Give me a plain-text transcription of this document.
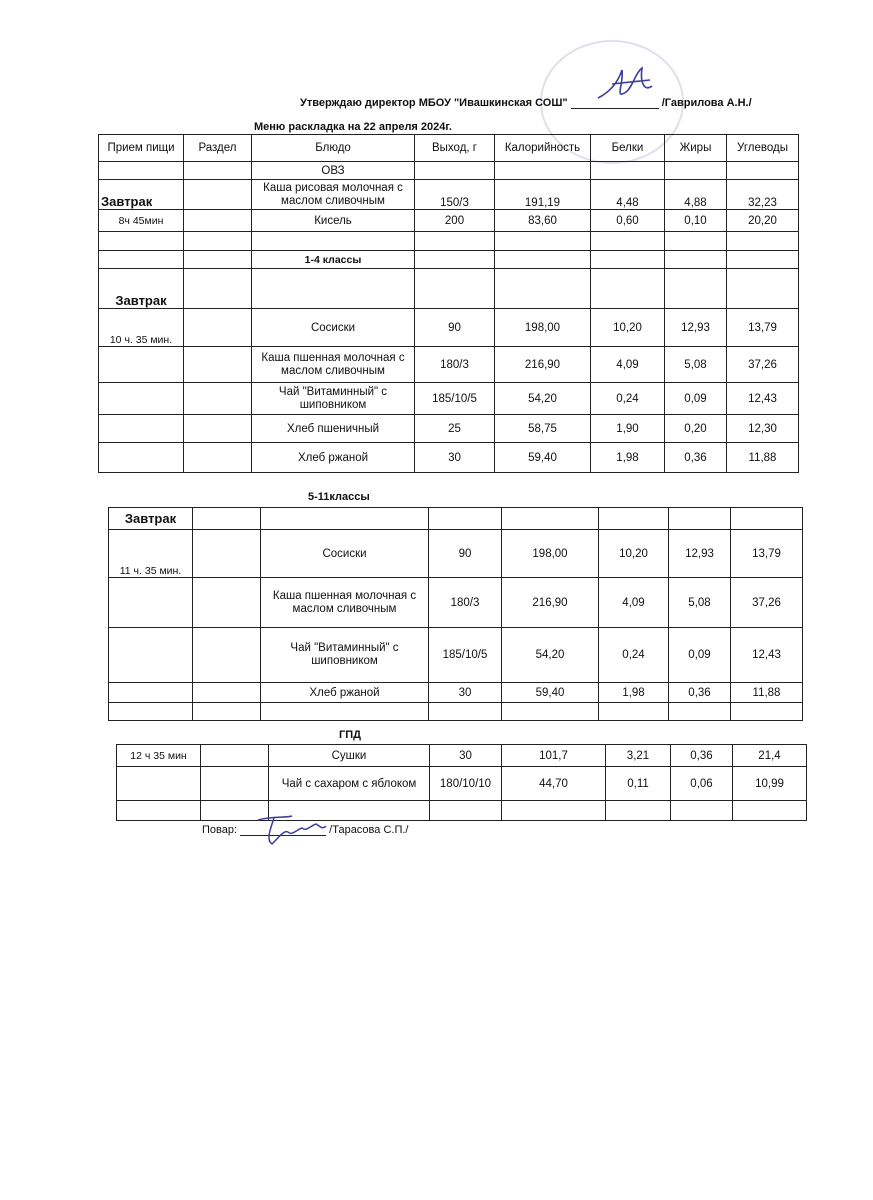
Утверждаю директор МБОУ "Ивашкинская СОШ"	/Гаврилова А.Н./
Меню раскладка на 22 апреля 2024г.
Прием пищи	Раздел	Блюдо	Выход, г	Калорийность	Белки	Жиры	Углеводы
		ОВЗ					
Завтрак		Каша рисовая молочная с маслом сливочным	150/3	191,19	4,48	4,88	32,23
8ч 45мин		Кисель	200	83,60	0,60	0,10	20,20

		1-4 классы					
Завтрак							
10 ч. 35 мин.		Сосиски	90	198,00	10,20	12,93	13,79
		Каша пшенная молочная с маслом сливочным	180/3	216,90	4,09	5,08	37,26
		Чай "Витаминный" с шиповником	185/10/5	54,20	0,24	0,09	12,43
		Хлеб пшеничный	25	58,75	1,90	0,20	12,30
		Хлеб ржаной	30	59,40	1,98	0,36	11,88
5-11классы
Завтрак							
11 ч. 35 мин.		Сосиски	90	198,00	10,20	12,93	13,79
		Каша пшенная молочная с маслом сливочным	180/3	216,90	4,09	5,08	37,26
		Чай "Витаминный" с шиповником	185/10/5	54,20	0,24	0,09	12,43
		Хлеб ржаной	30	59,40	1,98	0,36	11,88

ГПД
12 ч 35 мин		Сушки	30	101,7	3,21	0,36	21,4
		Чай с сахаром с яблоком	180/10/10	44,70	0,11	0,06	10,99

Повар:	/Тарасова С.П./
